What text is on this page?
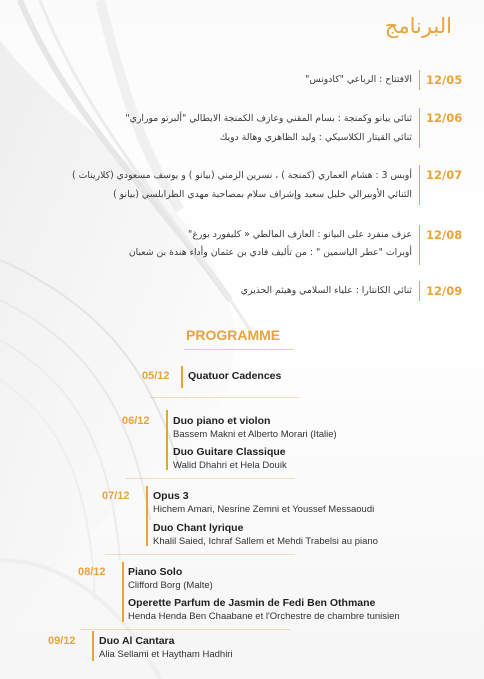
البرنامج
12/05
الافتتاح : الرباعي "كادونس"
12/06
ثنائي بيانو وكمنجة : بسام المقني وعازف الكمنجة الايطالي "ألبرتو موراري"
ثنائي القيتار الكلاسيكي : وليد الظاهري وهالة دويك
12/07
أوبس 3 : هشام العماري (كمنجة ) ، نسرين الزمني (بيانو ) و يوسف مسعودي (كلارينات )
الثنائي الأوبيرالي خليل سعيد وإشراف سلام بمصاحبة مهدي الطرابلسي (بيانو )
12/08
عزف منفرد على البيانو : العازف المالطي « كليفورد بورغ"
أوبرات "عطر الياسمين " : من تأليف فادي بن عثمان وأداء هندة بن شعبان
12/09
ثنائي الكانتارا : علياء السلامي وهيثم الحذيري
PROGRAMME
05/12 Quatuor Cadences
06/12 Duo piano et violon
Bassem Makni et Alberto Morari (Italie)
Duo Guitare Classique
Walid Dhahri et Hela Douik
07/12 Opus 3
Hichem Amari, Nesrine Zemni et Youssef Messaoudi
Duo Chant lyrique
Khalil Saied, Ichraf Sallem et Mehdi Trabelsi au piano
08/12 Piano Solo
Clifford Borg (Malte)
Operette Parfum de Jasmin de Fedi Ben Othmane
Henda Henda Ben Chaabane et l'Orchestre de chambre tunisien
09/12 Duo Al Cantara
Alia Sellami et Haytham Hadhiri
